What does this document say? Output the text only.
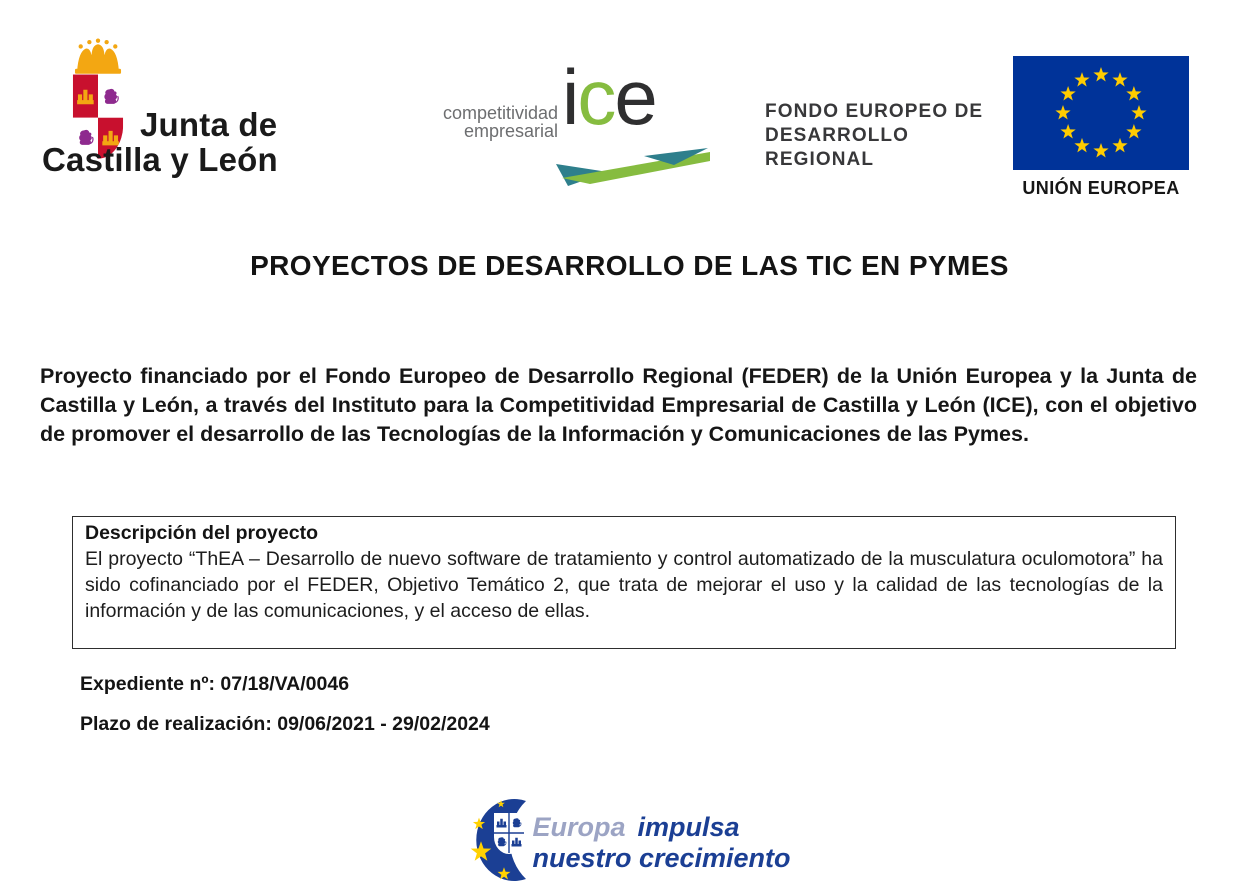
Junta de
Castilla y León
competitividad
empresarial ice	FONDO EUROPEO DE
DESARROLLO
REGIONAL
UNIÓN EUROPEA
PROYECTOS DE DESARROLLO DE LAS TIC EN PYMES

Proyecto financiado por el Fondo Europeo de Desarrollo Regional (FEDER) de la Unión Europea y la Junta de Castilla y León, a través del Instituto para la Competitividad Empresarial de Castilla y León (ICE), con el objetivo de promover el desarrollo de las Tecnologías de la Información y Comunicaciones de las Pymes.

Descripción del proyecto
El proyecto “ThEA – Desarrollo de nuevo software de tratamiento y control automatizado de la musculatura oculomotora” ha sido cofinanciado por el FEDER, Objetivo Temático 2, que trata de mejorar el uso y la calidad de las tecnologías de la información y de las comunicaciones, y el acceso de ellas.
Expediente nº: 07/18/VA/0046
Plazo de realización: 09/06/2021 - 29/02/2024
Europa impulsa
nuestro crecimiento
